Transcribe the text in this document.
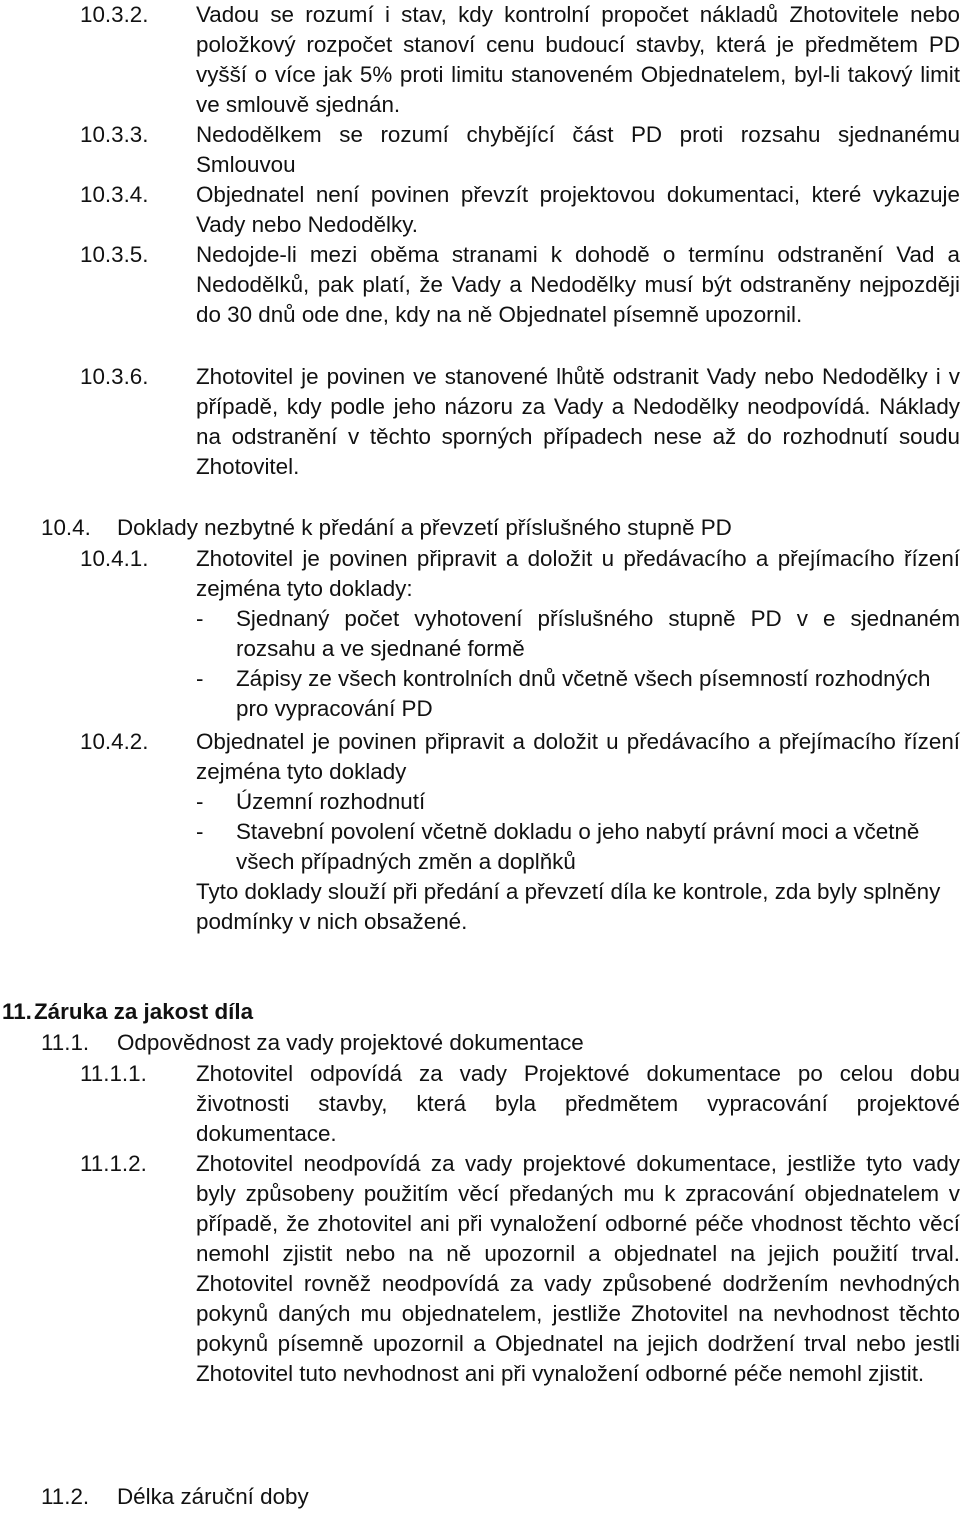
10.3.2.	Vadou se rozumí i stav, kdy kontrolní propočet nákladů Zhotovitele nebo položkový rozpočet stanoví cenu budoucí stavby, která je předmětem PD vyšší o více jak 5% proti limitu stanoveném Objednatelem, byl-li takový limit ve smlouvě sjednán.
10.3.3.	Nedodělkem se rozumí chybějící část PD proti rozsahu sjednanému Smlouvou
10.3.4.	Objednatel není povinen převzít projektovou dokumentaci, které vykazuje Vady nebo Nedodělky.
10.3.5.	Nedojde-li mezi oběma stranami k dohodě o termínu odstranění Vad a Nedodělků, pak platí, že Vady a Nedodělky musí být odstraněny nejpozději do 30 dnů ode dne, kdy na ně Objednatel písemně upozornil.
10.3.6.	Zhotovitel je povinen ve stanovené lhůtě odstranit Vady nebo Nedodělky i v případě, kdy podle jeho názoru za Vady a Nedodělky neodpovídá. Náklady na odstranění v těchto sporných případech nese až do rozhodnutí soudu Zhotovitel.
10.4.	Doklady nezbytné k předání a převzetí příslušného stupně PD
10.4.1.	Zhotovitel je povinen připravit a doložit u předávacího a přejímacího řízení zejména tyto doklady:
-	Sjednaný počet vyhotovení příslušného stupně PD v e sjednaném rozsahu a ve sjednané formě
-	Zápisy ze všech kontrolních dnů včetně všech písemností rozhodných pro vypracování PD
10.4.2.	Objednatel je povinen připravit a doložit u předávacího a přejímacího řízení zejména tyto doklady
-	Územní rozhodnutí
-	Stavební povolení včetně dokladu o jeho nabytí právní moci a včetně všech případných změn a doplňků
Tyto doklady slouží při předání a převzetí díla ke kontrole, zda byly splněny podmínky v nich obsažené.
11. Záruka za jakost díla
11.1.	Odpovědnost za vady projektové dokumentace
11.1.1.	Zhotovitel odpovídá za vady Projektové dokumentace po celou dobu životnosti stavby, která byla předmětem vypracování projektové dokumentace.
11.1.2.	Zhotovitel neodpovídá za vady projektové dokumentace, jestliže tyto vady byly způsobeny použitím věcí předaných mu k zpracování objednatelem v případě, že zhotovitel ani při vynaložení odborné péče vhodnost těchto věcí nemohl zjistit nebo na ně upozornil a objednatel na jejich použití trval. Zhotovitel rovněž neodpovídá za vady způsobené dodržením nevhodných pokynů daných mu objednatelem, jestliže Zhotovitel na nevhodnost těchto pokynů písemně upozornil a Objednatel na jejich dodržení trval nebo jestli Zhotovitel tuto nevhodnost ani při vynaložení odborné péče nemohl zjistit.
11.2.	Délka záruční doby
